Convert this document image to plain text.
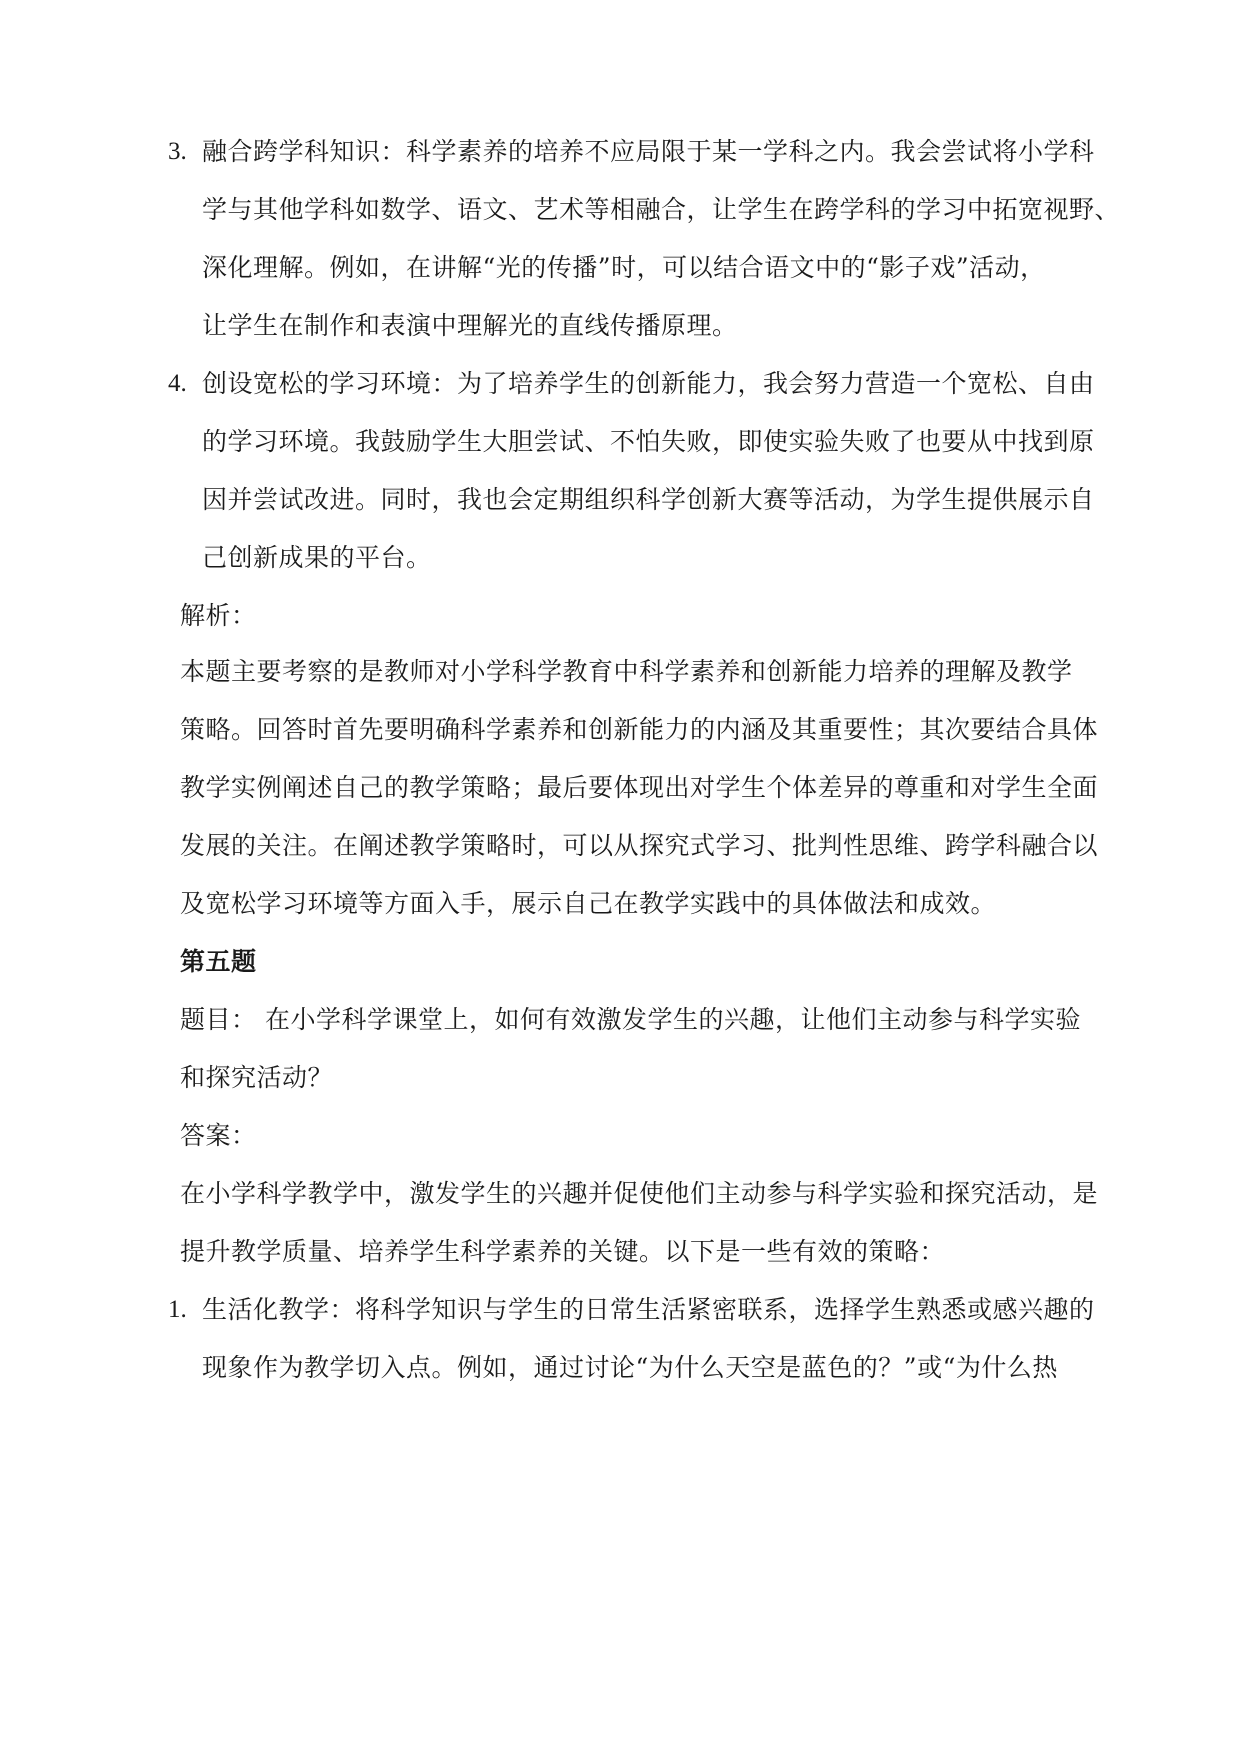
3. 融合跨学科知识：科学素养的培养不应局限于某一学科之内。我会尝试将小学科
学与其他学科如数学、语文、艺术等相融合，让学生在跨学科的学习中拓宽视野、
深化理解。例如，在讲解“光的传播”时，可以结合语文中的“影子戏”活动，
让学生在制作和表演中理解光的直线传播原理。
4. 创设宽松的学习环境：为了培养学生的创新能力，我会努力营造一个宽松、自由
的学习环境。我鼓励学生大胆尝试、不怕失败，即使实验失败了也要从中找到原
因并尝试改进。同时，我也会定期组织科学创新大赛等活动，为学生提供展示自
己创新成果的平台。
解析：
本题主要考察的是教师对小学科学教育中科学素养和创新能力培养的理解及教学
策略。回答时首先要明确科学素养和创新能力的内涵及其重要性；其次要结合具体
教学实例阐述自己的教学策略；最后要体现出对学生个体差异的尊重和对学生全面
发展的关注。在阐述教学策略时，可以从探究式学习、批判性思维、跨学科融合以
及宽松学习环境等方面入手，展示自己在教学实践中的具体做法和成效。
第五题
题目： 在小学科学课堂上，如何有效激发学生的兴趣，让他们主动参与科学实验
和探究活动？
答案：
在小学科学教学中，激发学生的兴趣并促使他们主动参与科学实验和探究活动，是
提升教学质量、培养学生科学素养的关键。以下是一些有效的策略：
1. 生活化教学：将科学知识与学生的日常生活紧密联系，选择学生熟悉或感兴趣的
现象作为教学切入点。例如，通过讨论“为什么天空是蓝色的？”或“为什么热
